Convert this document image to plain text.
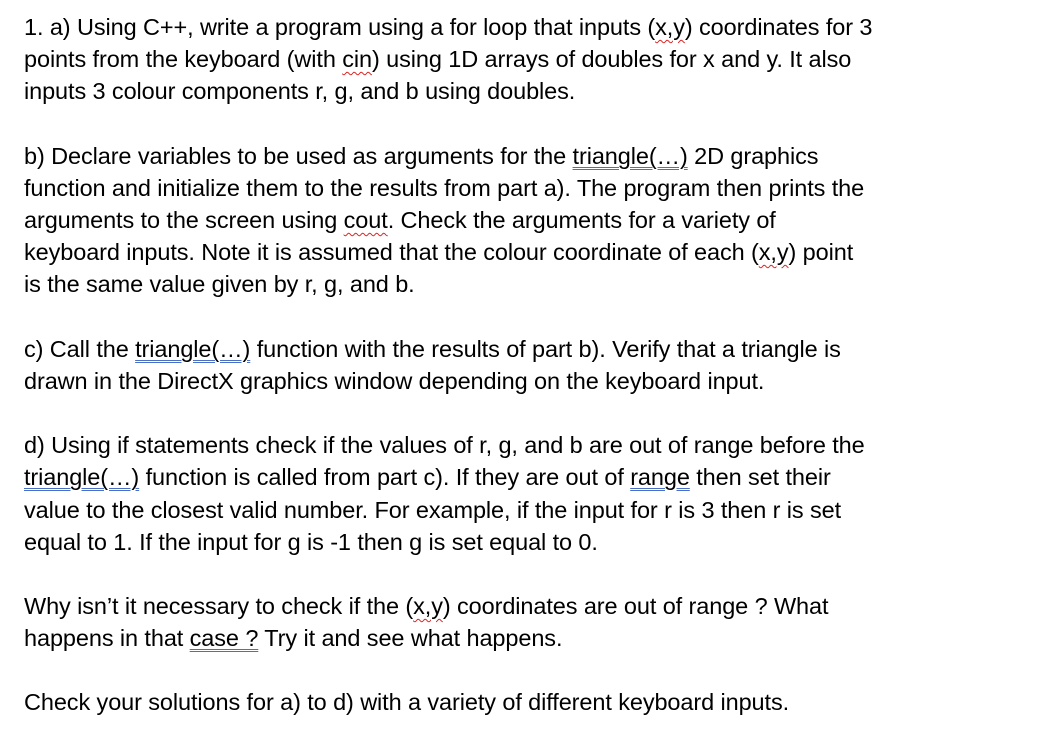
1. a) Using C++, write a program using a for loop that inputs (x,y) coordinates for 3

points from the keyboard (with cin) using 1D arrays of doubles for x and y. It also

inputs 3 colour components r, g, and b using doubles.

b) Declare variables to be used as arguments for the triangle(…) 2D graphics

function and initialize them to the results from part a). The program then prints the

arguments to the screen using cout. Check the arguments for a variety of

keyboard inputs. Note it is assumed that the colour coordinate of each (x,y) point

is the same value given by r, g, and b.

c) Call the triangle(…) function with the results of part b). Verify that a triangle is

drawn in the DirectX graphics window depending on the keyboard input.

d) Using if statements check if the values of r, g, and b are out of range before the

triangle(…) function is called from part c). If they are out of range then set their

value to the closest valid number. For example, if the input for r is 3 then r is set

equal to 1. If the input for g is -1 then g is set equal to 0.

Why isn’t it necessary to check if the (x,y) coordinates are out of range ? What

happens in that case ? Try it and see what happens.

Check your solutions for a) to d) with a variety of different keyboard inputs.
